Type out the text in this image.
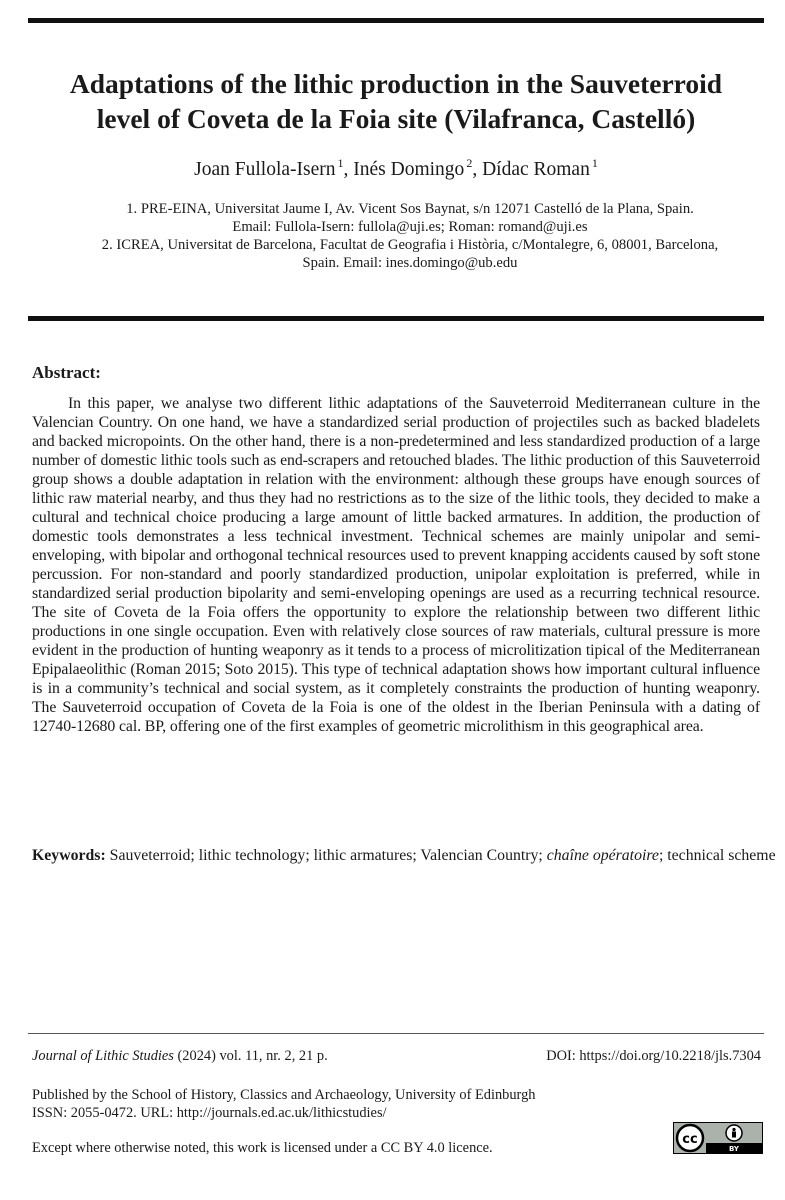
Adaptations of the lithic production in the Sauveterroid
level of Coveta de la Foia site (Vilafranca, Castelló)
Joan Fullola-Isern $^1$, Inés Domingo $^2$, Dídac Roman $^1$
1. PRE-EINA, Universitat Jaume I, Av. Vicent Sos Baynat, s/n 12071 Castelló de la Plana, Spain.
Email: Fullola-Isern: fullola@uji.es; Roman: romand@uji.es
2. ICREA, Universitat de Barcelona, Facultat de Geografia i Història, c/Montalegre, 6, 08001, Barcelona,
Spain. Email: ines.domingo@ub.edu
Abstract:

In this paper, we analyse two different lithic adaptations of the Sauveterroid Mediterranean culture in the Valencian Country. On one hand, we have a standardized serial production of projectiles such as backed bladelets and backed micropoints. On the other hand, there is a non-predetermined and less standardized production of a large number of domestic lithic tools such as end-scrapers and retouched blades. The lithic production of this Sauveterroid group shows a double adaptation in relation with the environment: although these groups have enough sources of lithic raw material nearby, and thus they had no restrictions as to the size of the lithic tools, they decided to make a cultural and technical choice producing a large amount of little backed armatures. In addition, the production of domestic tools demonstrates a less technical investment. Technical schemes are mainly unipolar and semi-enveloping, with bipolar and orthogonal technical resources used to prevent knapping accidents caused by soft stone percussion. For non-standard and poorly standardized production, unipolar exploitation is preferred, while in standardized serial production bipolarity and semi-enveloping openings are used as a recurring technical resource. The site of Coveta de la Foia offers the opportunity to explore the relationship between two different lithic productions in one single occupation. Even with relatively close sources of raw materials, cultural pressure is more evident in the production of hunting weaponry as it tends to a process of microlitization tipical of the Mediterranean Epipalaeolithic (Roman 2015; Soto 2015). This type of technical adaptation shows how important cultural influence is in a community’s technical and social system, as it completely constraints the production of hunting weaponry. The Sauveterroid occupation of Coveta de la Foia is one of the oldest in the Iberian Peninsula with a dating of 12740-12680 cal. BP, offering one of the first examples of geometric microlithism in this geographical area.

Keywords: Sauveterroid; lithic technology; lithic armatures; Valencian Country; chaîne opératoire; technical scheme
Journal of Lithic Studies (2024) vol. 11, nr. 2, 21 p.	DOI: https://doi.org/10.2218/jls.7304
Published by the School of History, Classics and Archaeology, University of Edinburgh
ISSN: 2055-0472. URL: http://journals.ed.ac.uk/lithicstudies/
Except where otherwise noted, this work is licensed under a CC BY 4.0 licence.
cc
BY
